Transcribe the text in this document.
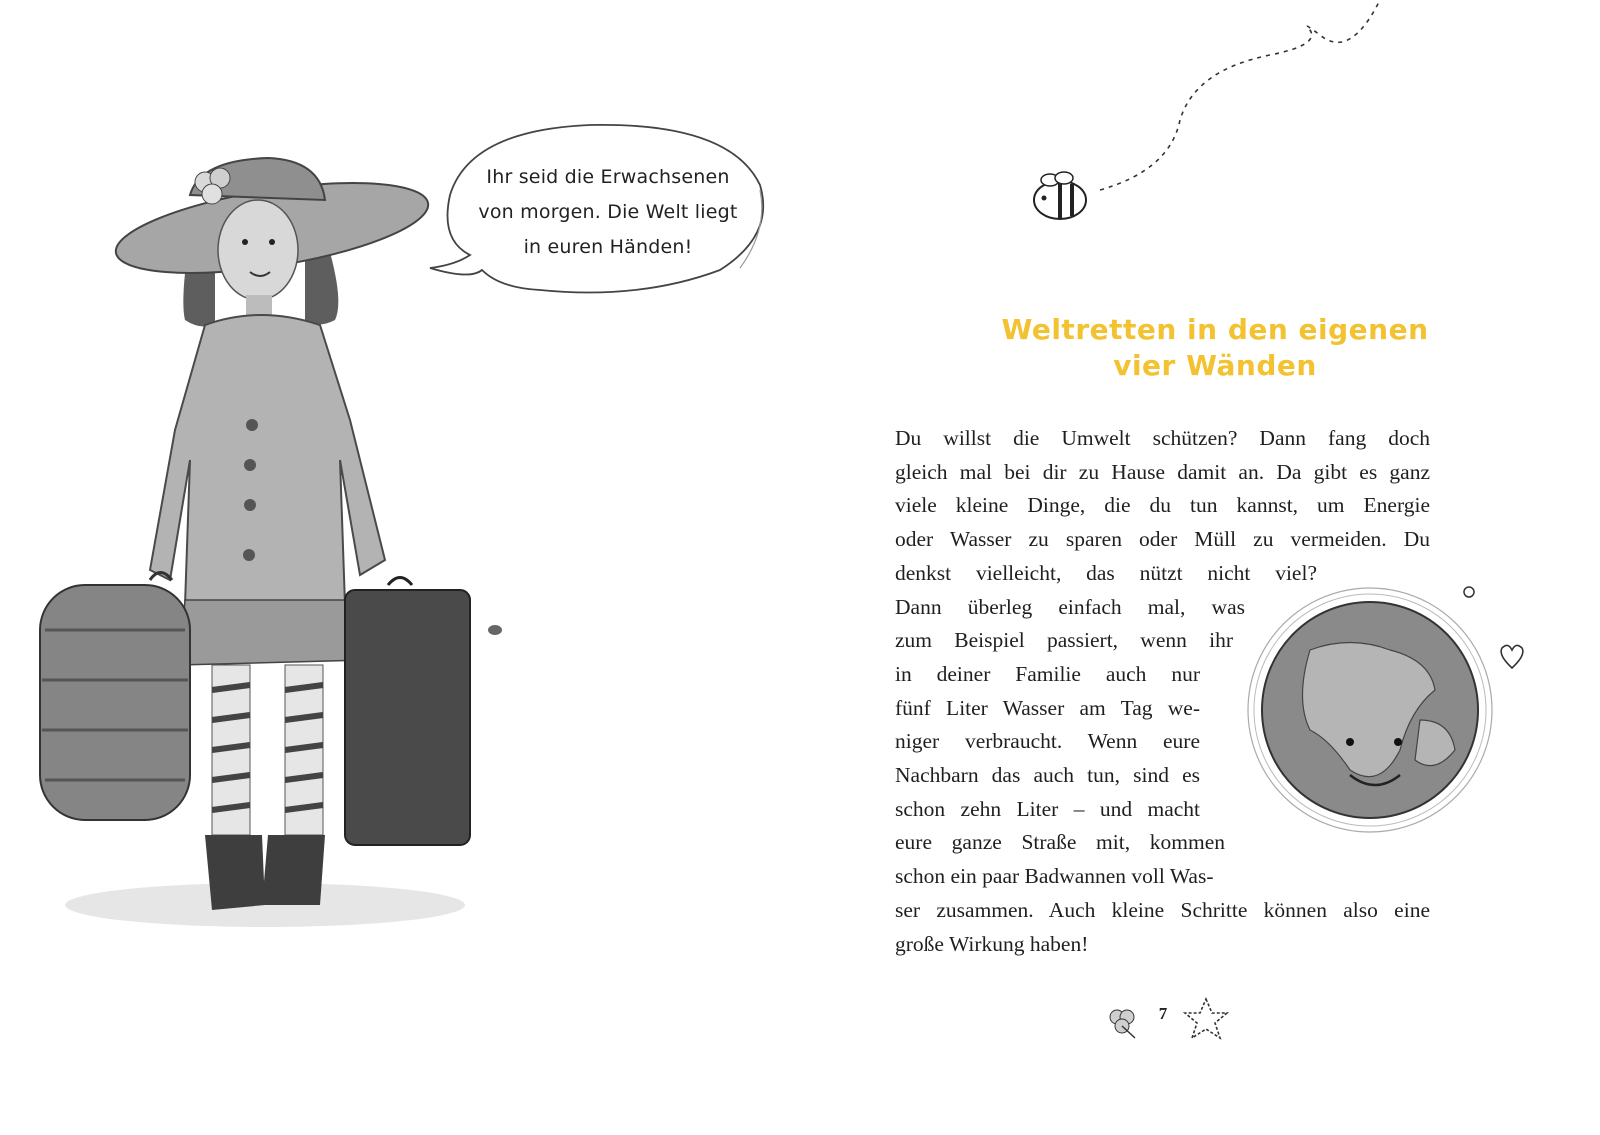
Ihr seid die Erwachsenen
von morgen. Die Welt liegt
in euren Händen!
Weltretten in den eigenen
vier Wänden
Du willst die Umwelt schützen? Dann fang doch
gleich mal bei dir zu Hause damit an. Da gibt es ganz
viele kleine Dinge, die du tun kannst, um Energie
oder Wasser zu sparen oder Müll zu vermeiden. Du
denkst vielleicht, das nützt nicht viel?
Dann überleg einfach mal, was
zum Beispiel passiert, wenn ihr
in deiner Familie auch nur
fünf Liter Wasser am Tag we-
niger verbraucht. Wenn eure
Nachbarn das auch tun, sind es
schon zehn Liter – und macht
eure ganze Straße mit, kommen
schon ein paar Badwannen voll Was-
ser zusammen. Auch kleine Schritte können also eine
große Wirkung haben!
7
